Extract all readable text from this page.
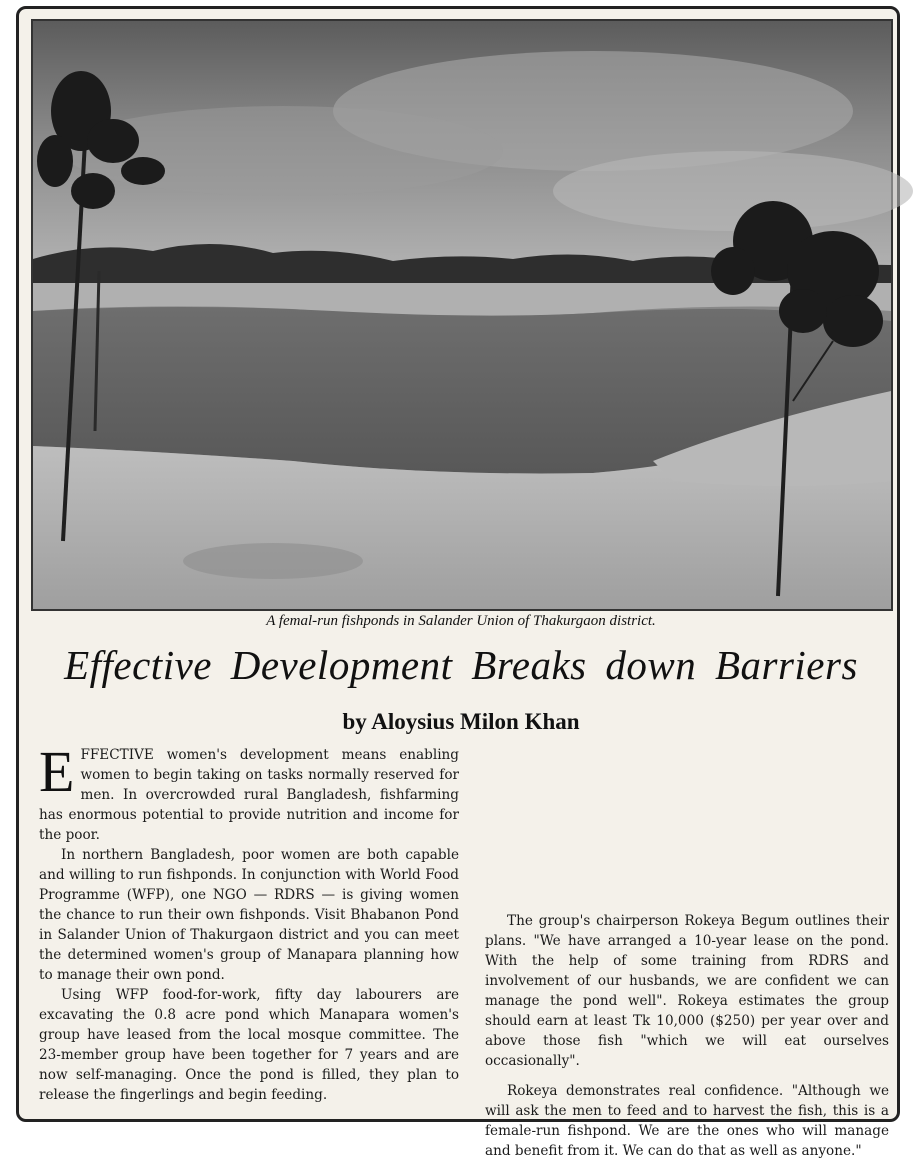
A femal-run fishponds in Salander Union of Thakurgaon district.
Effective Development Breaks down Barriers
by Aloysius Milon Khan

EFFECTIVE women's development means enabling women to begin taking on tasks normally reserved for men. In overcrowded rural Bangladesh, fishfarming has enormous potential to provide nutrition and income for the poor.

In northern Bangladesh, poor women are both capable and willing to run fishponds. In conjunction with World Food Programme (WFP), one NGO — RDRS — is giving women the chance to run their own fishponds. Visit Bhabanon Pond in Salander Union of Thakurgaon district and you can meet the determined women's group of Manapara planning how to manage their own pond.

Using WFP food-for-work, fifty day labourers are excavating the 0.8 acre pond which Manapara women's group have leased from the local mosque committee. The 23-member group have been together for 7 years and are now self-managing. Once the pond is filled, they plan to release the fingerlings and begin feeding.

The group's chairperson Rokeya Begum outlines their plans. "We have arranged a 10-year lease on the pond. With the help of some training from RDRS and involvement of our husbands, we are confident we can manage the pond well". Rokeya estimates the group should earn at least Tk 10,000 ($250) per year over and above those fish "which we will eat ourselves occasionally".

Rokeya demonstrates real confidence. "Although we will ask the men to feed and to harvest the fish, this is a female-run fishpond. We are the ones who will manage and benefit from it. We can do that as well as anyone."
